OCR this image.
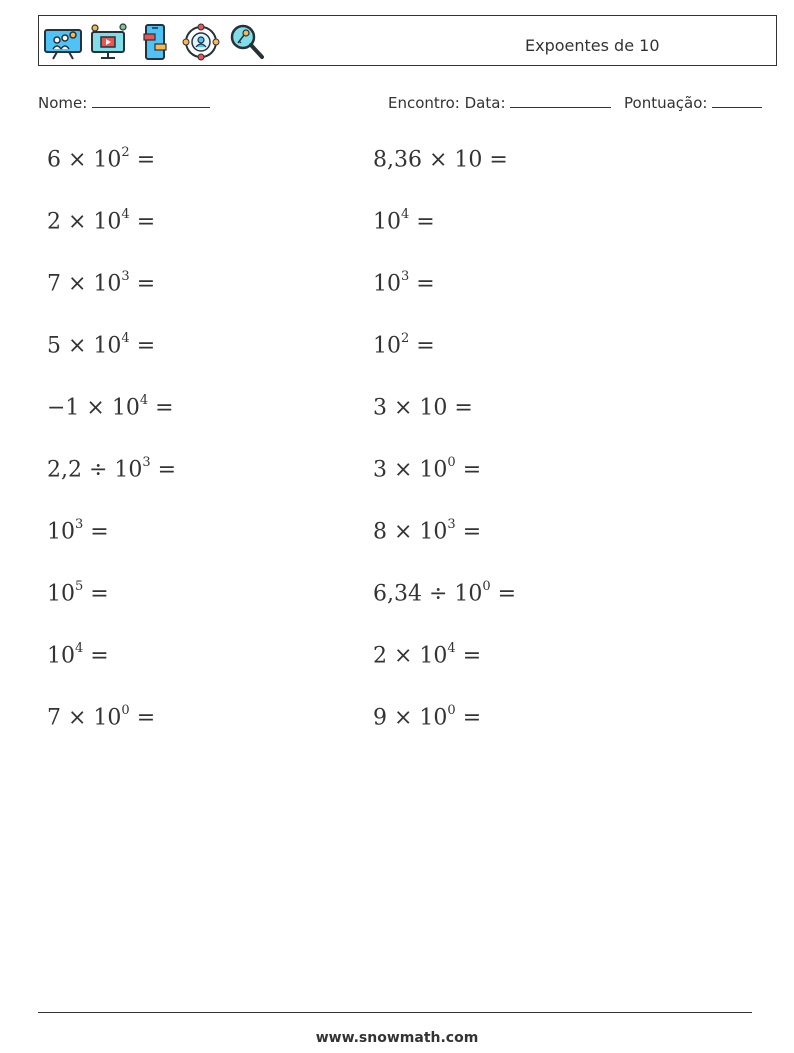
Expoentes de 10
Nome:	Encontro: Data:	Pontuação:
$6 \times 10^2$ =
$2 \times 10^4$ =
$7 \times 10^3$ =
$5 \times 10^4$ =
$-1 \times 10^4$ =
$2,2 \div 10^3$ =
$10^3$ =
$10^5$ =
$10^4$ =
$7 \times 10^0$ =
8,36 × 10 =
$10^4$ =
$10^3$ =
$10^2$ =
3 × 10 =
$3 \times 10^0$ =
$8 \times 10^3$ =
$6,34 \div 10^0$ =
$2 \times 10^4$ =
$9 \times 10^0$ =
www.snowmath.com
